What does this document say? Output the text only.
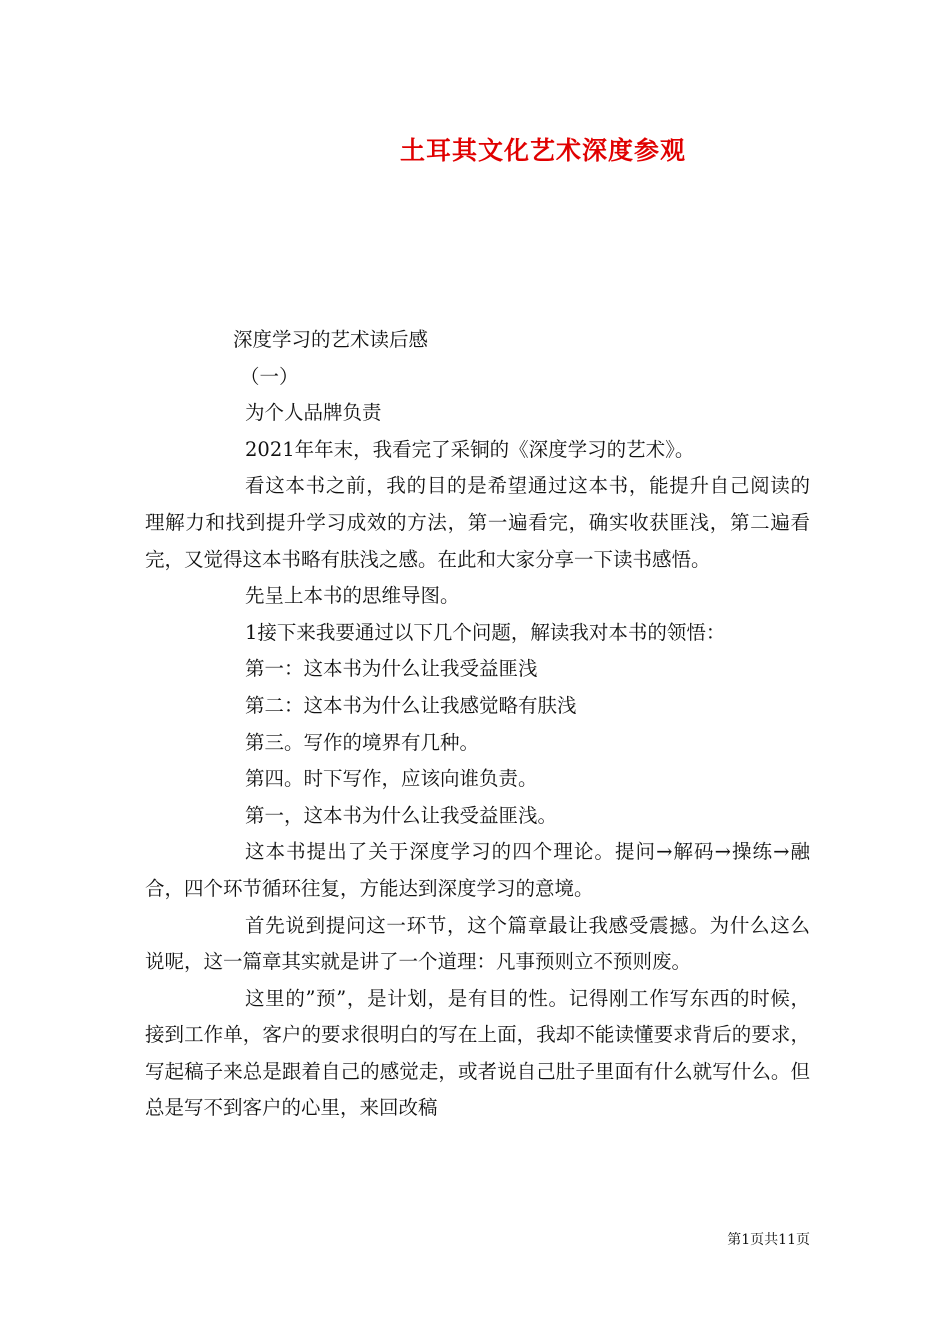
土耳其文化艺术深度参观

深度学习的艺术读后感

（一）

为个人品牌负责

2021年年末，我看完了采铜的《深度学习的艺术》。

看这本书之前，我的目的是希望通过这本书，能提升自己阅读的理解力和找到提升学习成效的方法，第一遍看完，确实收获匪浅，第二遍看完，又觉得这本书略有肤浅之感。在此和大家分享一下读书感悟。

先呈上本书的思维导图。

1接下来我要通过以下几个问题，解读我对本书的领悟：

第一：这本书为什么让我受益匪浅

第二：这本书为什么让我感觉略有肤浅

第三。写作的境界有几种。

第四。时下写作，应该向谁负责。

第一，这本书为什么让我受益匪浅。

这本书提出了关于深度学习的四个理论。提问→解码→操练→融合，四个环节循环往复，方能达到深度学习的意境。

首先说到提问这一环节，这个篇章最让我感受震撼。为什么这么说呢，这一篇章其实就是讲了一个道理：凡事预则立不预则废。

这里的”预”，是计划，是有目的性。记得刚工作写东西的时候，接到工作单，客户的要求很明白的写在上面，我却不能读懂要求背后的要求，写起稿子来总是跟着自己的感觉走，或者说自己肚子里面有什么就写什么。但总是写不到客户的心里，来回改稿

第1页共11页
